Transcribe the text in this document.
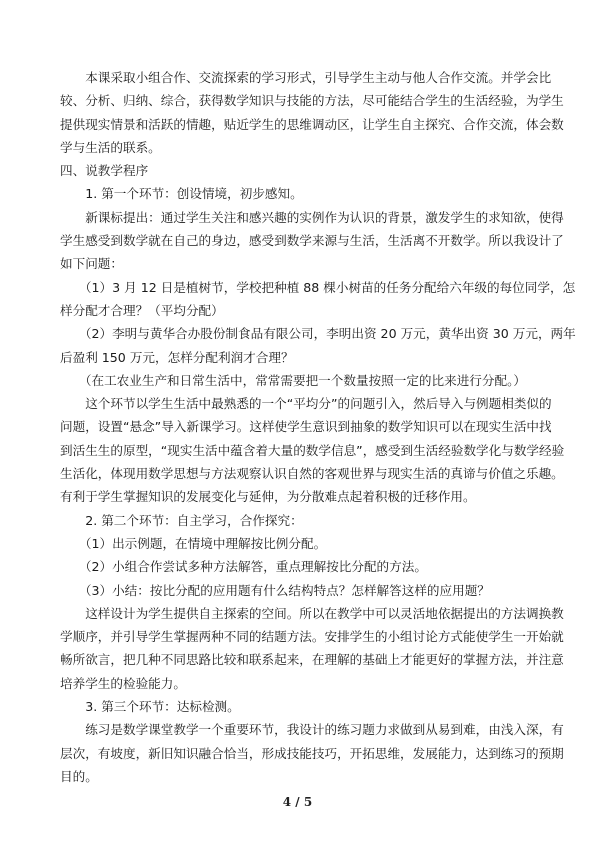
　　本课采取小组合作、交流探索的学习形式，引导学生主动与他人合作交流。并学会比
较、分析、归纳、综合，获得数学知识与技能的方法，尽可能结合学生的生活经验，为学生
提供现实情景和活跃的情趣，贴近学生的思维调动区，让学生自主探究、合作交流，体会数
学与生活的联系。
四、说教学程序
　　1. 第一个环节：创设情境，初步感知。
　　新课标提出：通过学生关注和感兴趣的实例作为认识的背景，激发学生的求知欲，使得
学生感受到数学就在自己的身边，感受到数学来源与生活，生活离不开数学。所以我设计了
如下问题：
　　（1）3 月 12 日是植树节，学校把种植 88 棵小树苗的任务分配给六年级的每位同学，怎
样分配才合理？（平均分配）
　　（2）李明与黄华合办股份制食品有限公司，李明出资 20 万元，黄华出资 30 万元，两年
后盈利 150 万元，怎样分配利润才合理？
　　（在工农业生产和日常生活中，常常需要把一个数量按照一定的比来进行分配。）
　　这个环节以学生生活中最熟悉的一个“平均分”的问题引入，然后导入与例题相类似的
问题，设置“悬念”导入新课学习。这样使学生意识到抽象的数学知识可以在现实生活中找
到活生生的原型，“现实生活中蕴含着大量的数学信息”，感受到生活经验数学化与数学经验
生活化，体现用数学思想与方法观察认识自然的客观世界与现实生活的真谛与价值之乐趣。
有利于学生掌握知识的发展变化与延伸，为分散难点起着积极的迁移作用。
　　2. 第二个环节：自主学习，合作探究：
　　（1）出示例题，在情境中理解按比例分配。
　　（2）小组合作尝试多种方法解答，重点理解按比分配的方法。
　　（3）小结：按比分配的应用题有什么结构特点？怎样解答这样的应用题？
　　这样设计为学生提供自主探索的空间。所以在教学中可以灵活地依据提出的方法调换教
学顺序，并引导学生掌握两种不同的结题方法。安排学生的小组讨论方式能使学生一开始就
畅所欲言，把几种不同思路比较和联系起来，在理解的基础上才能更好的掌握方法，并注意
培养学生的检验能力。
　　3. 第三个环节：达标检测。
　　练习是数学课堂教学一个重要环节，我设计的练习题力求做到从易到难，由浅入深，有
层次，有坡度，新旧知识融合恰当，形成技能技巧，开拓思维，发展能力，达到练习的预期
目的。
4 / 5
